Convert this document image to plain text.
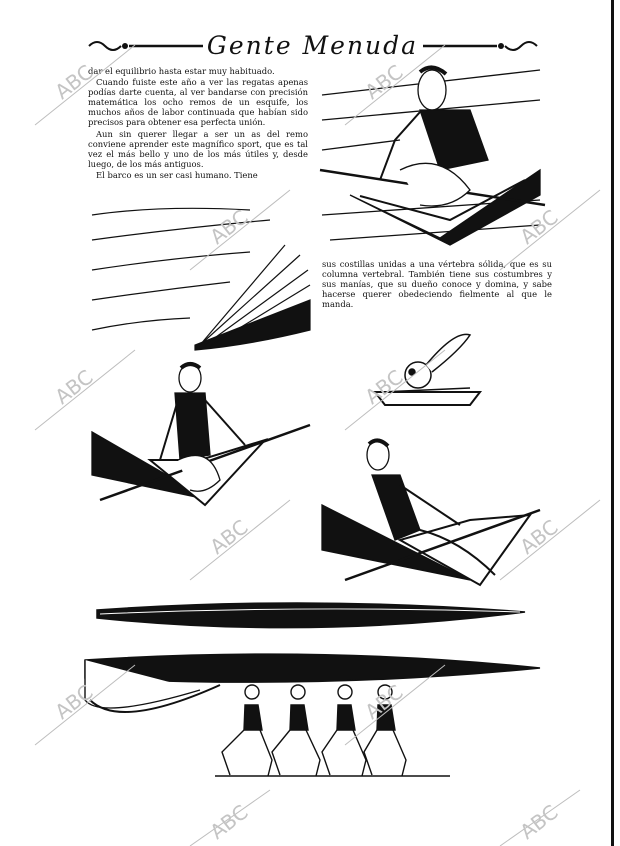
Gente Menuda

dar el equilibrio hasta estar muy habituado.

Cuando fuiste este año a ver las regatas apenas podías darte cuenta, al ver bandarse con precisión matemática los ocho remos de un esquife, los muchos años de labor continuada que habían sido precisos para obtener esa perfecta unión.

Aun sin querer llegar a ser un as del remo conviene aprender este magnífico sport, que es tal vez el más bello y uno de los más útiles y, desde luego, de los más antiguos.

El barco es un ser casi humano. Tiene

sus costillas unidas a una vértebra sólida, que es su columna vertebral. También tiene sus costumbres y sus manías, que su dueño conoce y domina, y sabe hacerse querer obedeciendo fielmente al que le manda.

ABC	ABC
ABC	ABC
ABC	ABC
ABC	ABC
ABC	ABC
ABC	ABC
